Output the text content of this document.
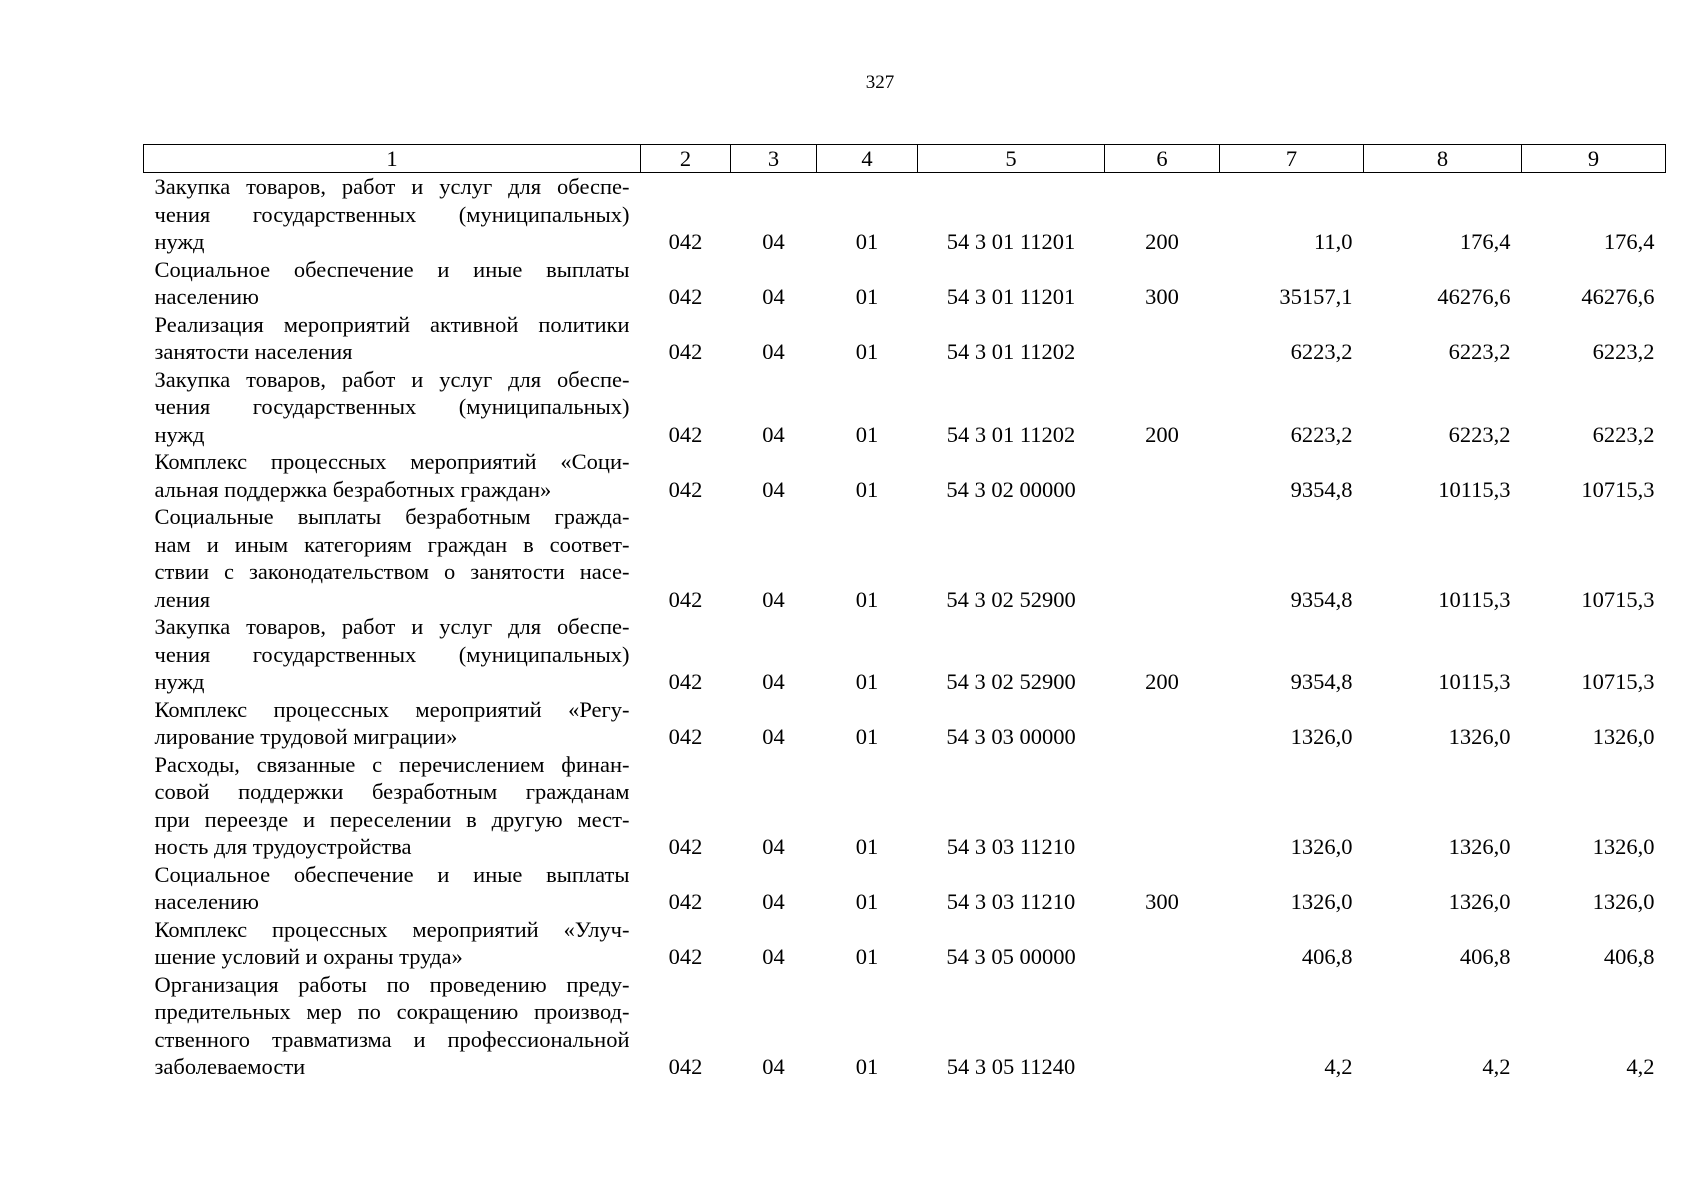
327
1	2	3	4	5	6	7	8	9

Закупка товаров, работ и услуг для обеспе-
чения государственных (муниципальных)
нужд	042	04	01	54 3 01 11201	200	11,0	176,4	176,4

Социальное обеспечение и иные выплаты
населению	042	04	01	54 3 01 11201	300	35157,1	46276,6	46276,6

Реализация мероприятий активной политики
занятости населения	042	04	01	54 3 01 11202		6223,2	6223,2	6223,2

Закупка товаров, работ и услуг для обеспе-
чения государственных (муниципальных)
нужд	042	04	01	54 3 01 11202	200	6223,2	6223,2	6223,2

Комплекс процессных мероприятий «Соци-
альная поддержка безработных граждан»	042	04	01	54 3 02 00000		9354,8	10115,3	10715,3

Социальные выплаты безработным гражда-
нам и иным категориям граждан в соответ-
ствии с законодательством о занятости насе-
ления	042	04	01	54 3 02 52900		9354,8	10115,3	10715,3

Закупка товаров, работ и услуг для обеспе-
чения государственных (муниципальных)
нужд	042	04	01	54 3 02 52900	200	9354,8	10115,3	10715,3

Комплекс процессных мероприятий «Регу-
лирование трудовой миграции»	042	04	01	54 3 03 00000		1326,0	1326,0	1326,0

Расходы, связанные с перечислением финан-
совой поддержки безработным гражданам
при переезде и переселении в другую мест-
ность для трудоустройства	042	04	01	54 3 03 11210		1326,0	1326,0	1326,0

Социальное обеспечение и иные выплаты
населению	042	04	01	54 3 03 11210	300	1326,0	1326,0	1326,0

Комплекс процессных мероприятий «Улуч-
шение условий и охраны труда»	042	04	01	54 3 05 00000		406,8	406,8	406,8

Организация работы по проведению преду-
предительных мер по сокращению производ-
ственного травматизма и профессиональной
заболеваемости	042	04	01	54 3 05 11240		4,2	4,2	4,2
